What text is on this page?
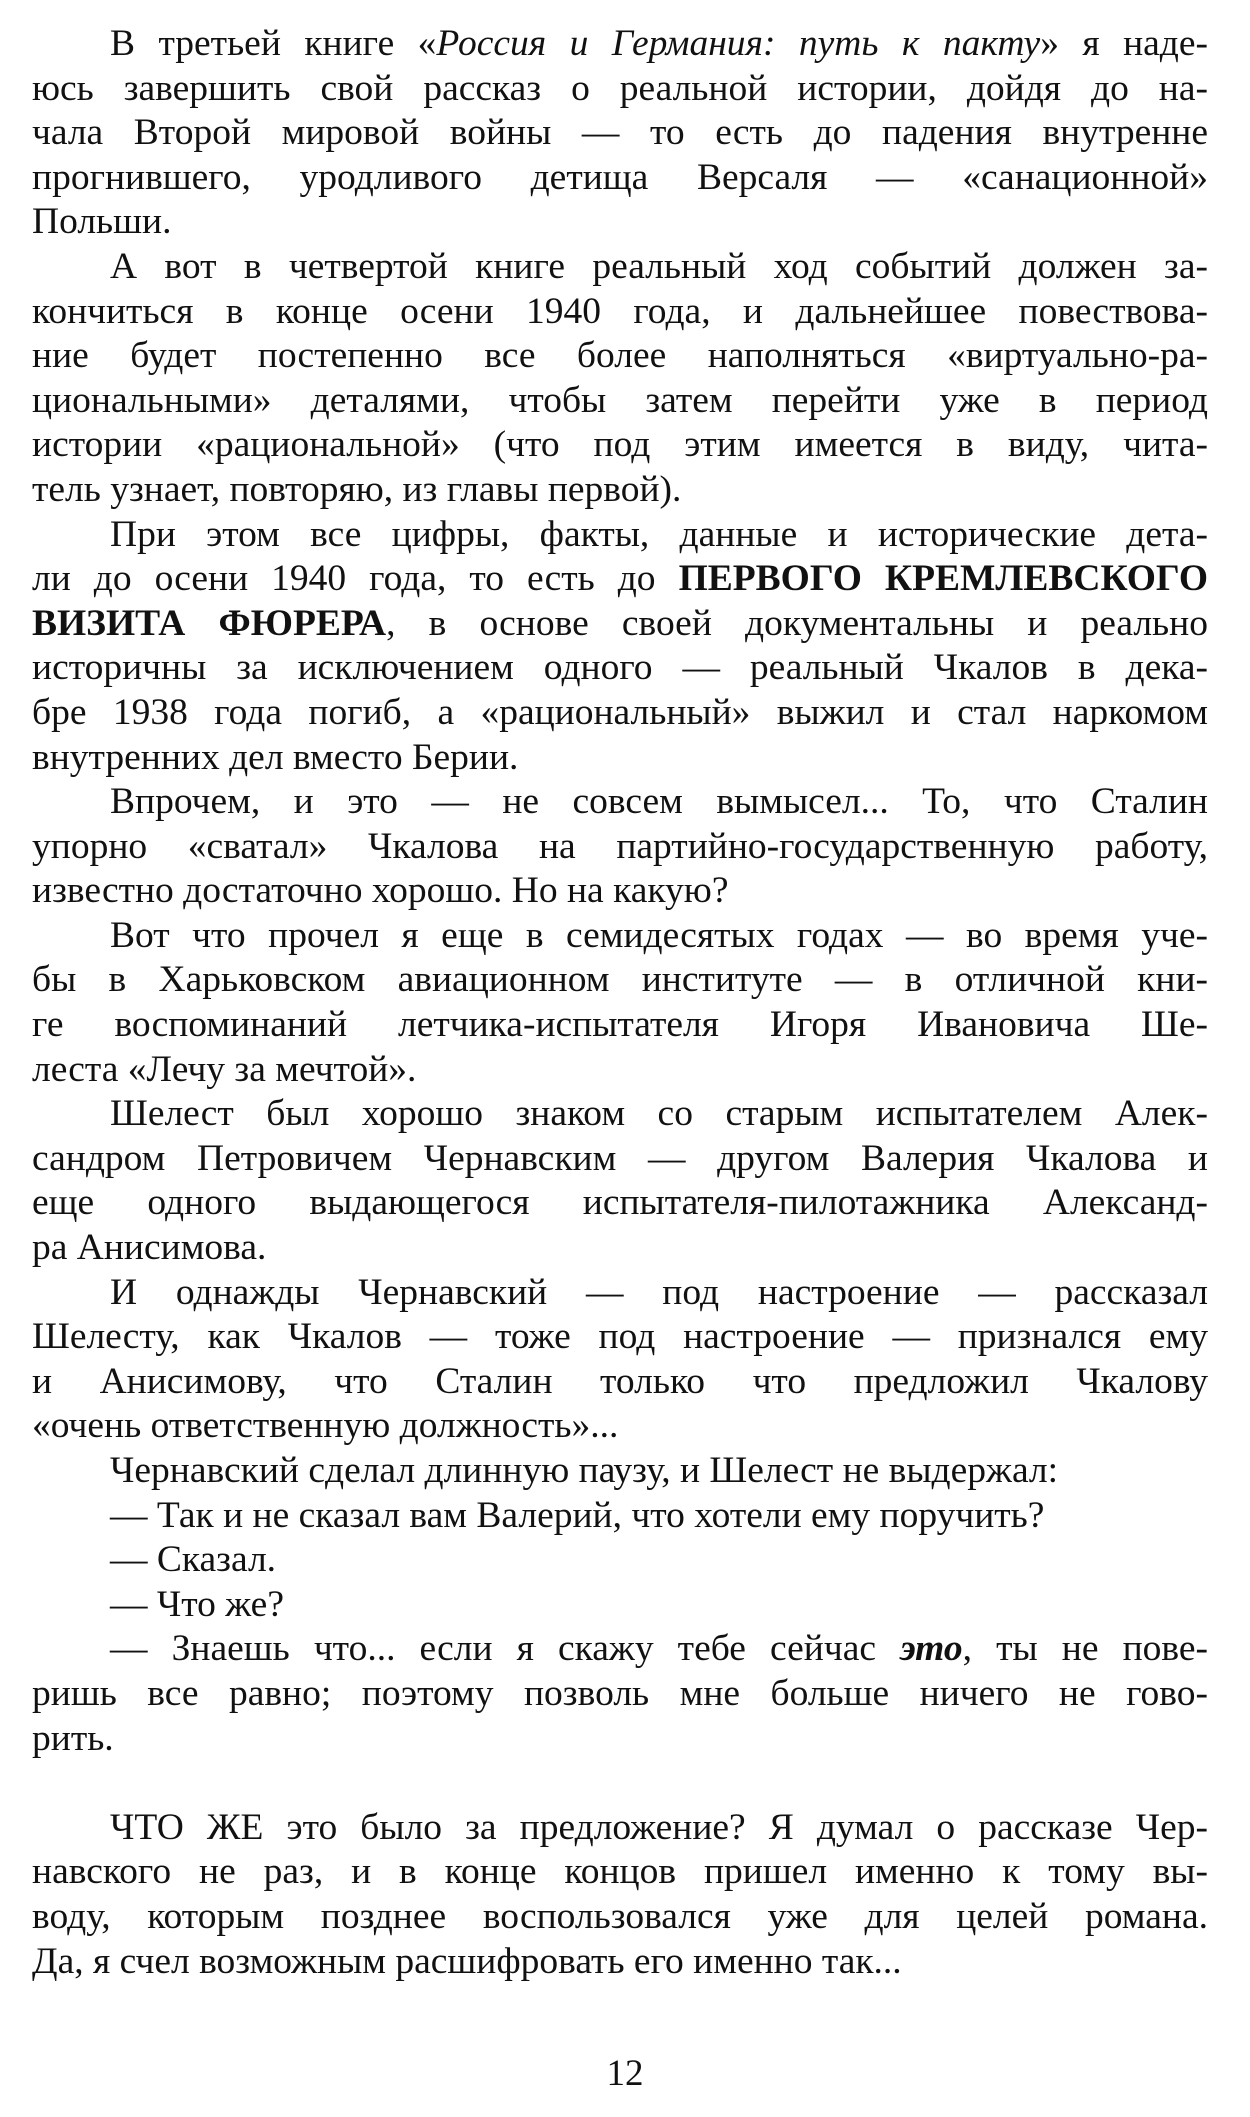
В третьей книге «Россия и Германия: путь к пакту» я наде-
юсь завершить свой рассказ о реальной истории, дойдя до на-
чала Второй мировой войны — то есть до падения внутренне
прогнившего, уродливого детища Версаля — «санационной»
Польши.
А вот в четвертой книге реальный ход событий должен за-
кончиться в конце осени 1940 года, и дальнейшее повествова-
ние будет постепенно все более наполняться «виртуально-ра-
циональными» деталями, чтобы затем перейти уже в период
истории «рациональной» (что под этим имеется в виду, чита-
тель узнает, повторяю, из главы первой).
При этом все цифры, факты, данные и исторические дета-
ли до осени 1940 года, то есть до ПЕРВОГО КРЕМЛЕВСКОГО
ВИЗИТА ФЮРЕРА, в основе своей документальны и реально
историчны за исключением одного — реальный Чкалов в дека-
бре 1938 года погиб, а «рациональный» выжил и стал наркомом
внутренних дел вместо Берии.
Впрочем, и это — не совсем вымысел... То, что Сталин
упорно «сватал» Чкалова на партийно-государственную работу,
известно достаточно хорошо. Но на какую?
Вот что прочел я еще в семидесятых годах — во время уче-
бы в Харьковском авиационном институте — в отличной кни-
ге воспоминаний летчика-испытателя Игоря Ивановича Ше-
леста «Лечу за мечтой».
Шелест был хорошо знаком со старым испытателем Алек-
сандром Петровичем Чернавским — другом Валерия Чкалова и
еще одного выдающегося испытателя-пилотажника Александ-
ра Анисимова.
И однажды Чернавский — под настроение — рассказал
Шелесту, как Чкалов — тоже под настроение — признался ему
и Анисимову, что Сталин только что предложил Чкалову
«очень ответственную должность»...
Чернавский сделал длинную паузу, и Шелест не выдержал:
— Так и не сказал вам Валерий, что хотели ему поручить?
— Сказал.
— Что же?
— Знаешь что... если я скажу тебе сейчас это, ты не пове-
ришь все равно; поэтому позволь мне больше ничего не гово-
рить.
ЧТО ЖЕ это было за предложение? Я думал о рассказе Чер-
навского не раз, и в конце концов пришел именно к тому вы-
воду, которым позднее воспользовался уже для целей романа.
Да, я счел возможным расшифровать его именно так...
12
